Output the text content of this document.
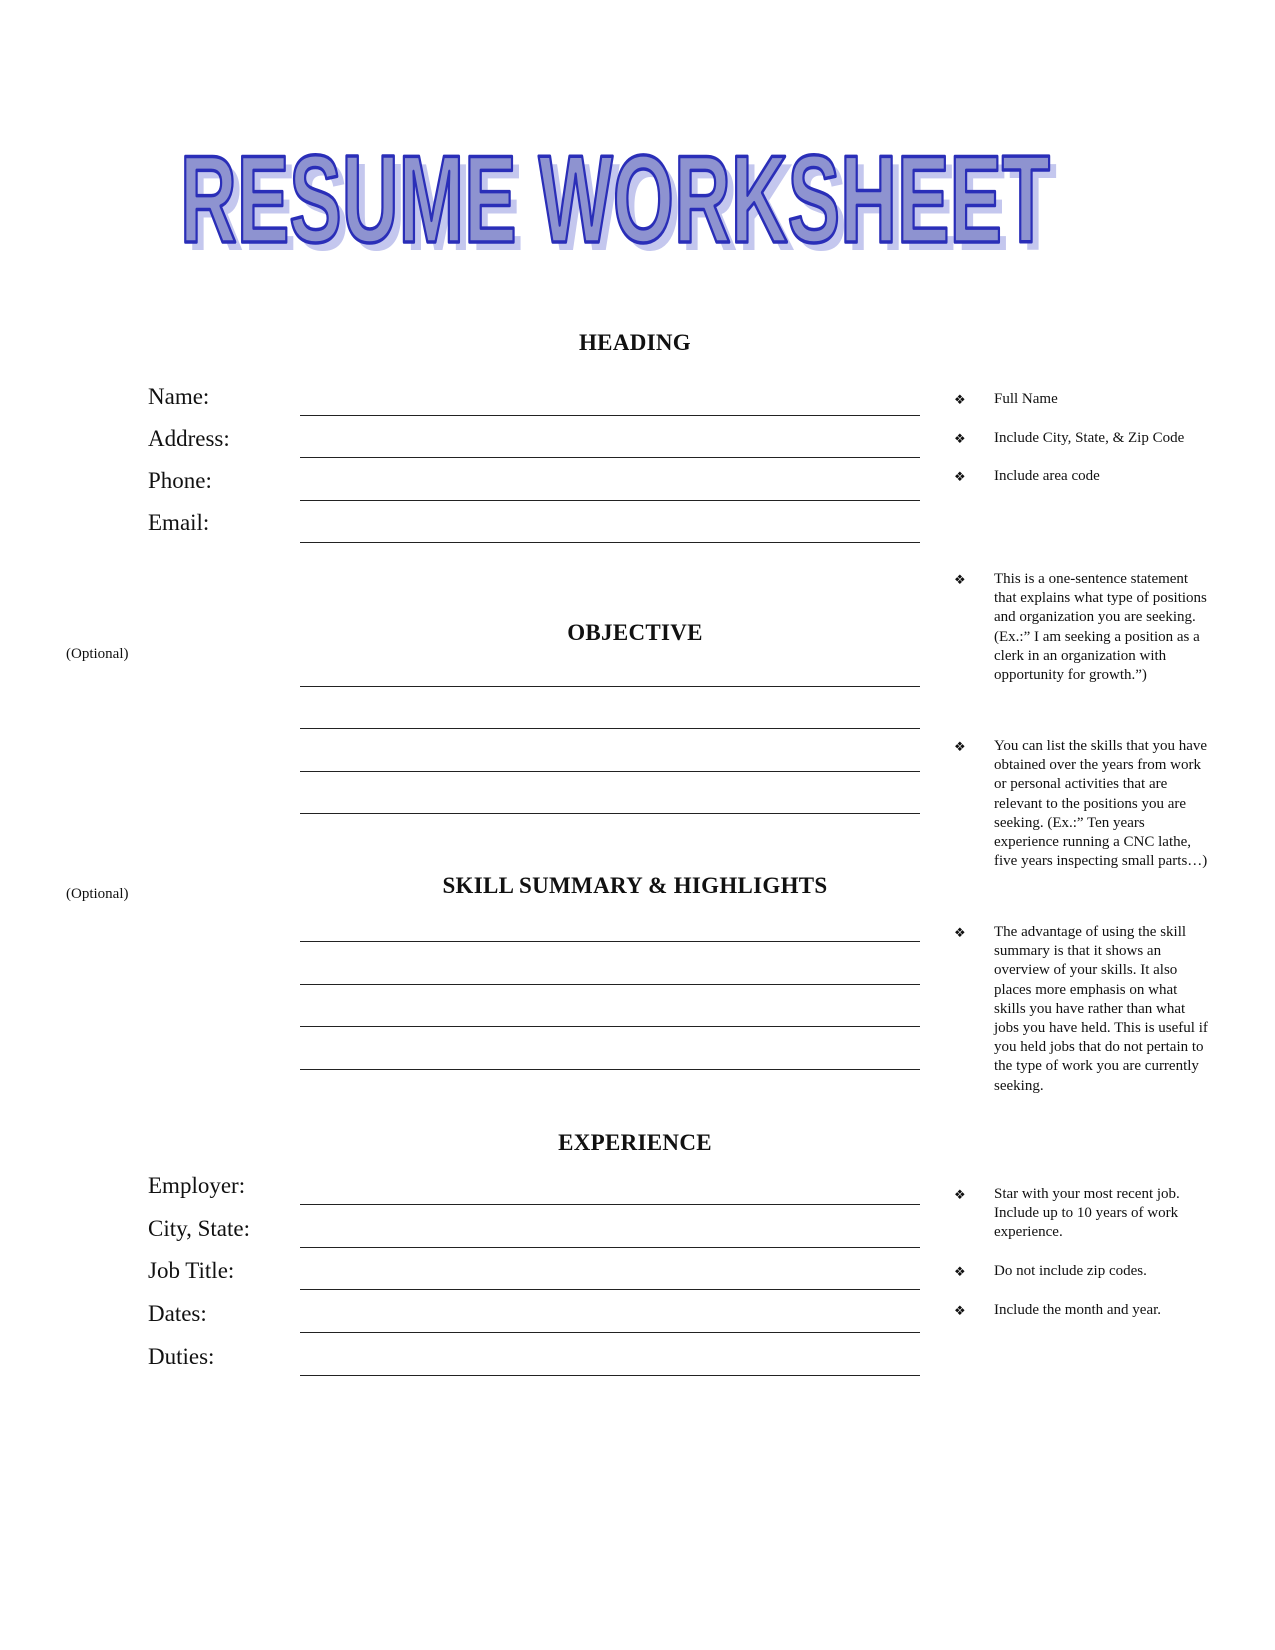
RESUME WORKSHEET
RESUME WORKSHEET
HEADING
Name:
Address:
Phone:
Email:
❖ Full Name
❖ Include City, State, & Zip Code
❖ Include area code
(Optional)
OBJECTIVE
❖ This is a one-sentence statement that explains what type of positions and organization you are seeking. (Ex.:” I am seeking a position as a clerk in an organization with opportunity for growth.”)
(Optional)	SKILL SUMMARY & HIGHLIGHTS
❖ You can list the skills that you have obtained over the years from work or personal activities that are relevant to the positions you are seeking. (Ex.:” Ten years experience running a CNC lathe, five years inspecting small parts…)
❖ The advantage of using the skill summary is that it shows an overview of your skills. It also places more emphasis on what skills you have rather than what jobs you have held. This is useful if you held jobs that do not pertain to the type of work you are currently seeking.
EXPERIENCE
Employer:
City, State:
Job Title:
Dates:
Duties:
❖ Star with your most recent job. Include up to 10 years of work experience.
❖ Do not include zip codes.
❖ Include the month and year.
